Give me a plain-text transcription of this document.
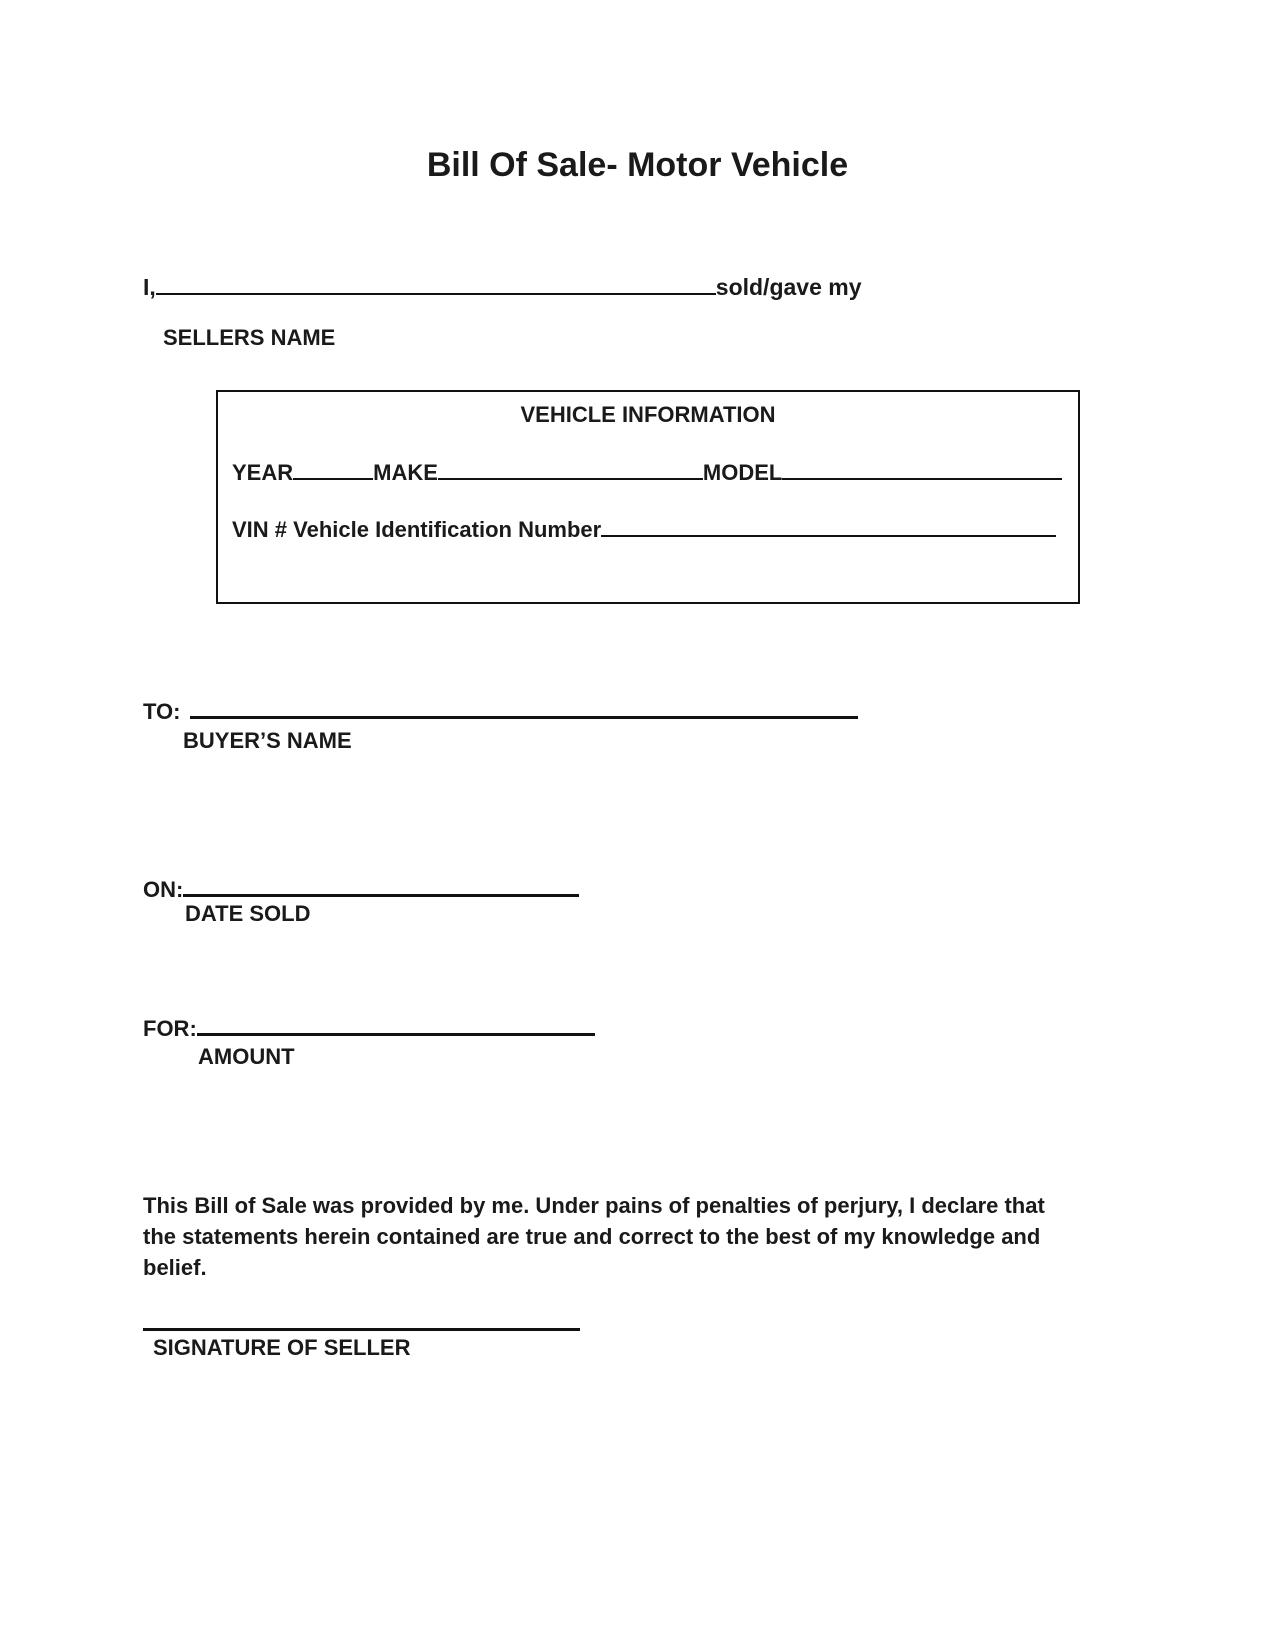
Bill Of Sale- Motor Vehicle
I,	sold/gave my
SELLERS NAME
VEHICLE INFORMATION
YEAR	MAKE	MODEL
VIN # Vehicle Identification Number
TO:
BUYER’S NAME
ON:
DATE SOLD
FOR:
AMOUNT

This Bill of Sale was provided by me. Under pains of penalties of perjury, I declare that the statements herein contained are true and correct to the best of my knowledge and belief.

SIGNATURE OF SELLER
